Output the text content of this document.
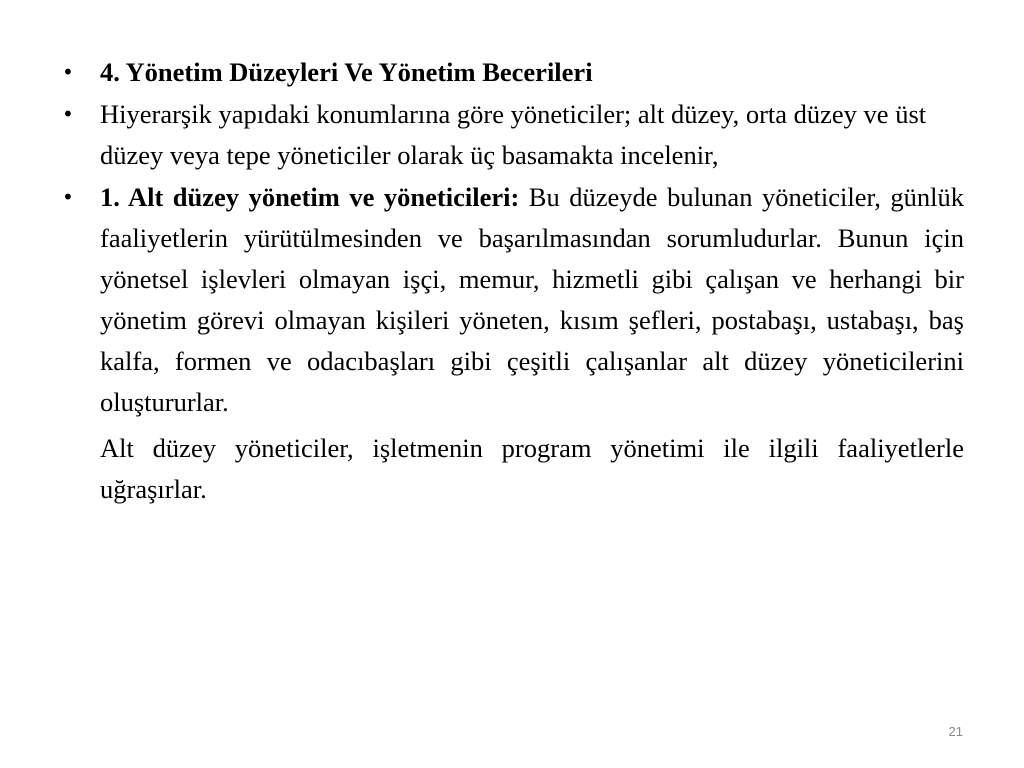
• 4. Yönetim Düzeyleri Ve Yönetim Becerileri
• Hiyerarşik yapıdaki konumlarına göre yöneticiler; alt düzey, orta düzey ve üst düzey veya tepe yöneticiler olarak üç basamakta incelenir,
• 1. Alt düzey yönetim ve yöneticileri: Bu düzeyde bulunan yöneticiler, günlük faaliyetlerin yürütülmesinden ve başarılmasından sorumludurlar. Bunun için yönetsel işlevleri olmayan işçi, memur, hizmetli gibi çalışan ve herhangi bir yönetim görevi olmayan kişileri yöneten, kısım şefleri, postabaşı, ustabaşı, baş kalfa, formen ve odacıbaşları gibi çeşitli çalışanlar alt düzey yöneticilerini oluştururlar.
Alt düzey yöneticiler, işletmenin program yönetimi ile ilgili faaliyetlerle uğraşırlar.
21
